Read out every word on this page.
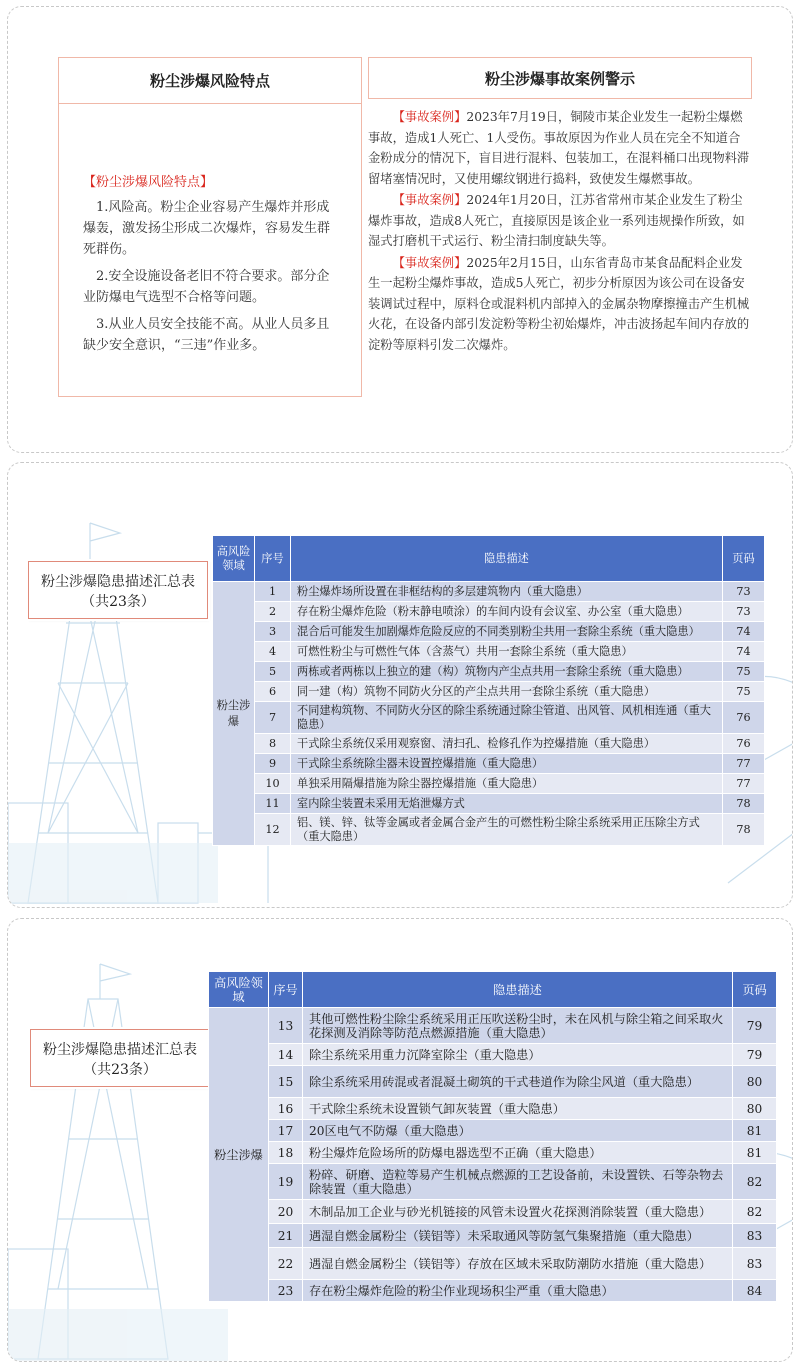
粉尘涉爆风险特点
【粉尘涉爆风险特点】

1.风险高。粉尘企业容易产生爆炸并形成爆轰，激发扬尘形成二次爆炸，容易发生群死群伤。

2.安全设施设备老旧不符合要求。部分企业防爆电气选型不合格等问题。

3.从业人员安全技能不高。从业人员多且缺少安全意识，“三违”作业多。

粉尘涉爆事故案例警示

【事故案例】2023年7月19日，铜陵市某企业发生一起粉尘爆燃事故，造成1人死亡、1人受伤。事故原因为作业人员在完全不知道合金粉成分的情况下，盲目进行混料、包装加工，在混料桶口出现物料滞留堵塞情况时，又使用螺纹钢进行捣料，致使发生爆燃事故。

【事故案例】2024年1月20日，江苏省常州市某企业发生了粉尘爆炸事故，造成8人死亡，直接原因是该企业一系列违规操作所致，如湿式打磨机干式运行、粉尘清扫制度缺失等。

【事故案例】2025年2月15日，山东省青岛市某食品配料企业发生一起粉尘爆炸事故，造成5人死亡，初步分析原因为该公司在设备安装调试过程中，原料仓或混料机内部掉入的金属杂物摩擦撞击产生机械火花，在设备内部引发淀粉等粉尘初始爆炸，冲击波扬起车间内存放的淀粉等原料引发二次爆炸。

粉尘涉爆隐患描述汇总表
（共23条）
高风险领域	序号	隐患描述	页码
粉尘涉爆	1	粉尘爆炸场所设置在非框结构的多层建筑物内（重大隐患）	73
	2	存在粉尘爆炸危险（粉末静电喷涂）的车间内设有会议室、办公室（重大隐患）	73
	3	混合后可能发生加剧爆炸危险反应的不同类别粉尘共用一套除尘系统（重大隐患）	74
	4	可燃性粉尘与可燃性气体（含蒸气）共用一套除尘系统（重大隐患）	74
	5	两栋或者两栋以上独立的建（构）筑物内产尘点共用一套除尘系统（重大隐患）	75
	6	同一建（构）筑物不同防火分区的产尘点共用一套除尘系统（重大隐患）	75
	7	不同建构筑物、不同防火分区的除尘系统通过除尘管道、出风管、风机相连通（重大隐患）	76
	8	干式除尘系统仅采用观察窗、清扫孔、检修孔作为控爆措施（重大隐患）	76
	9	干式除尘系统除尘器未设置控爆措施（重大隐患）	77
	10	单独采用隔爆措施为除尘器控爆措施（重大隐患）	77
	11	室内除尘装置未采用无焰泄爆方式	78
	12	铝、镁、锌、钛等金属或者金属合金产生的可燃性粉尘除尘系统采用正压除尘方式（重大隐患）	78
粉尘涉爆隐患描述汇总表
（共23条）
高风险领域	序号	隐患描述	页码
粉尘涉爆	13	其他可燃性粉尘除尘系统采用正压吹送粉尘时，未在风机与除尘箱之间采取火花探测及消除等防范点燃源措施（重大隐患）	79
	14	除尘系统采用重力沉降室除尘（重大隐患）	79
	15	除尘系统采用砖混或者混凝土砌筑的干式巷道作为除尘风道（重大隐患）	80
	16	干式除尘系统未设置锁气卸灰装置（重大隐患）	80
	17	20区电气不防爆（重大隐患）	81
	18	粉尘爆炸危险场所的防爆电器选型不正确（重大隐患）	81
	19	粉碎、研磨、造粒等易产生机械点燃源的工艺设备前，未设置铁、石等杂物去除装置（重大隐患）	82
	20	木制品加工企业与砂光机链接的风管未设置火花探测消除装置（重大隐患）	82
	21	遇湿自燃金属粉尘（镁铝等）未采取通风等防氢气集聚措施（重大隐患）	83
	22	遇湿自燃金属粉尘（镁铝等）存放在区域未采取防潮防水措施（重大隐患）	83
	23	存在粉尘爆炸危险的粉尘作业现场积尘严重（重大隐患）	84
